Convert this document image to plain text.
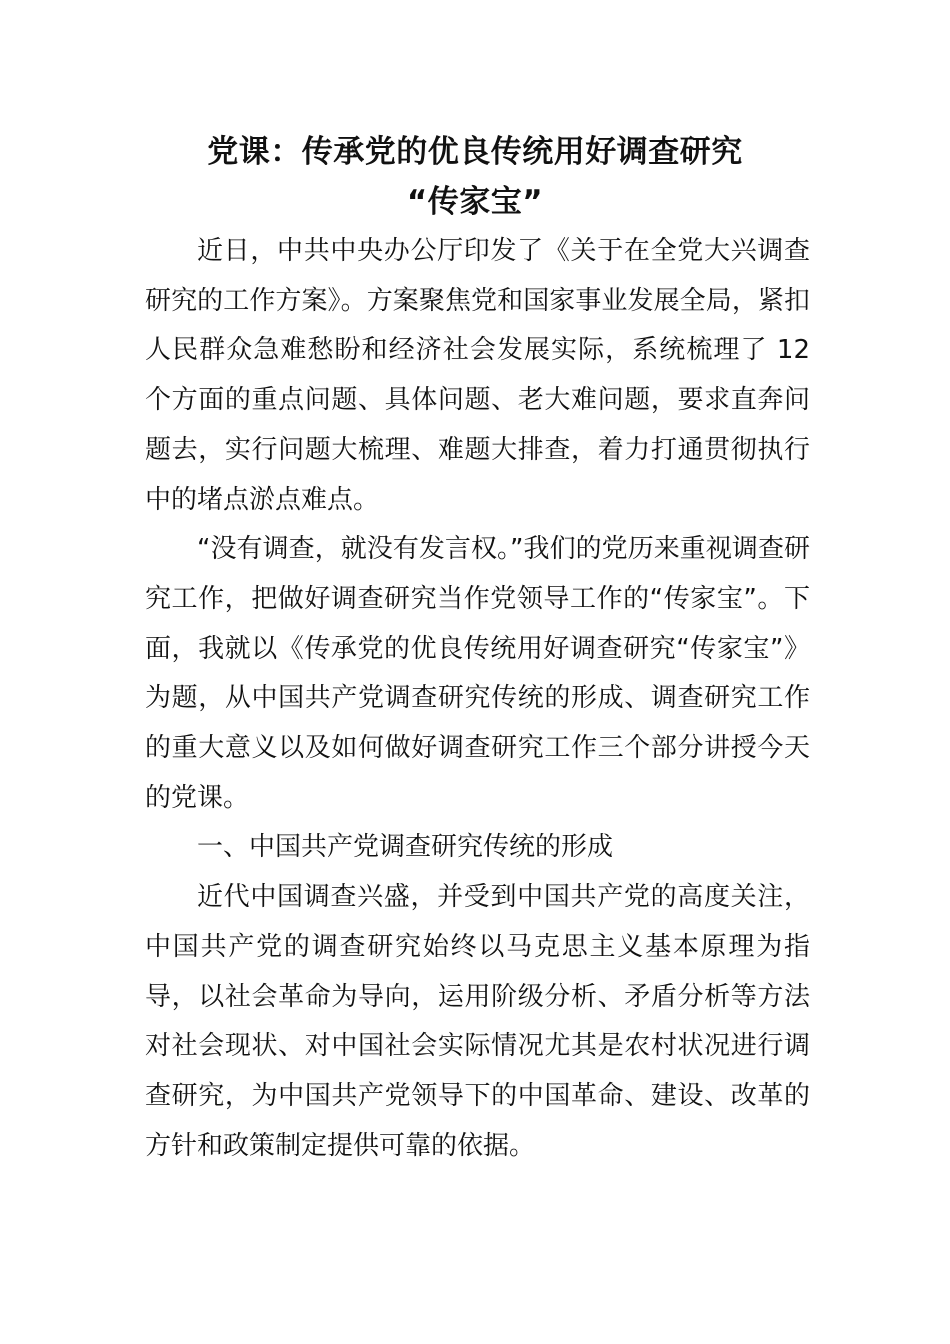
党课：传承党的优良传统用好调查研究
“传家宝”

近日，中共中央办公厅印发了《关于在全党大兴调查研究的工作方案》。方案聚焦党和国家事业发展全局，紧扣人民群众急难愁盼和经济社会发展实际，系统梳理了 12 个方面的重点问题、具体问题、老大难问题，要求直奔问题去，实行问题大梳理、难题大排查，着力打通贯彻执行中的堵点淤点难点。

“没有调查，就没有发言权。”我们的党历来重视调查研究工作，把做好调查研究当作党领导工作的“传家宝”。下面，我就以《传承党的优良传统用好调查研究“传家宝”》为题，从中国共产党调查研究传统的形成、调查研究工作的重大意义以及如何做好调查研究工作三个部分讲授今天的党课。

一、中国共产党调查研究传统的形成

近代中国调查兴盛，并受到中国共产党的高度关注，中国共产党的调查研究始终以马克思主义基本原理为指导，以社会革命为导向，运用阶级分析、矛盾分析等方法对社会现状、对中国社会实际情况尤其是农村状况进行调查研究，为中国共产党领导下的中国革命、建设、改革的方针和政策制定提供可靠的依据。
